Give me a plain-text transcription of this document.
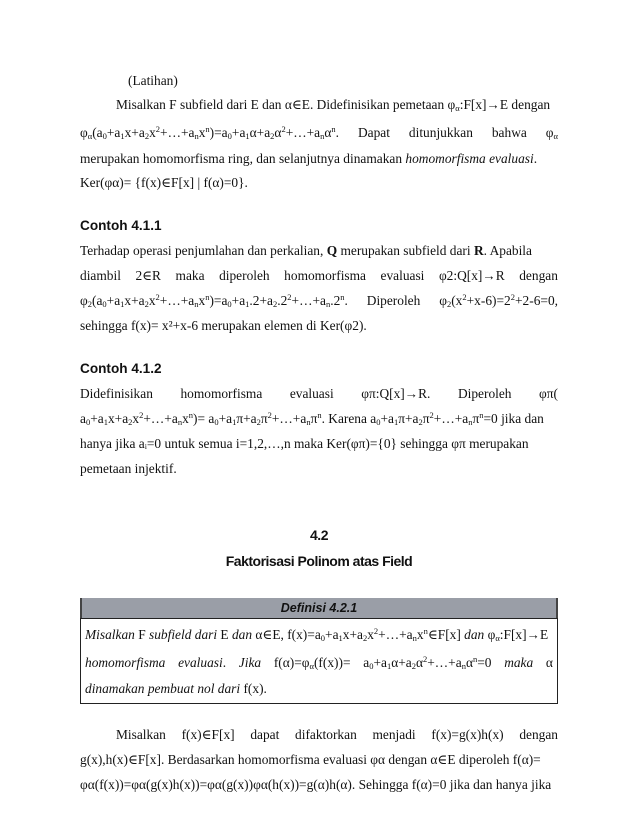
(Latihan)
Misalkan F subfield dari E dan α∈E. Didefinisikan pemetaan $\varphi_\alpha:F[x]\to E$ dengan
$\varphi_\alpha(a_0+a_1x+a_2x^2+\dots+a_nx^n)=a_0+a_1\alpha+a_2\alpha^2+\dots+a_n\alpha^n$. Dapat ditunjukkan bahwa $\varphi_\alpha$
merupakan homomorfisma ring, dan selanjutnya dinamakan homomorfisma evaluasi.
Ker(φα)= {f(x)∈F[x] | f(α)=0}.
Contoh 4.1.1
Terhadap operasi penjumlahan dan perkalian, Q merupakan subfield dari R. Apabila
diambil 2∈R maka diperoleh homomorfisma evaluasi φ2:Q[x]→R dengan
$\varphi_2(a_0+a_1x+a_2x^2+\dots+a_nx^n)=a_0+a_1.2+a_2.2^2+\dots+a_n.2^n$. Diperoleh $\varphi_2(x^2+x-6)=2^2+2-6=0$,
sehingga f(x)= x²+x-6 merupakan elemen di Ker(φ2).
Contoh 4.1.2
Didefinisikan homomorfisma evaluasi φπ:Q[x]→R. Diperoleh φπ(
$a_0+a_1x+a_2x^2+\dots+a_nx^n)=$ $a_0+a_1\pi+a_2\pi^2+\dots+a_n\pi^n$. Karena $a_0+a_1\pi+a_2\pi^2+\dots+a_n\pi^n=0$ jika dan
hanya jika aᵢ=0 untuk semua i=1,2,…,n maka Ker(φπ)={0} sehingga φπ merupakan
pemetaan injektif.
4.2
Faktorisasi Polinom atas Field
Definisi 4.2.1
Misalkan F subfield dari E dan α∈E, $f(x)=a_0+a_1x+a_2x^2+\dots+a_nx^n\in F[x]$ dan $\varphi_\alpha:F[x]\to E$
homomorfisma evaluasi. Jika $f(\alpha)=\varphi_\alpha(f(x))=$ $a_0+a_1\alpha+a_2\alpha^2+\dots+a_n\alpha^n=0$ maka α
dinamakan pembuat nol dari f(x).
Misalkan f(x)∈F[x] dapat difaktorkan menjadi f(x)=g(x)h(x) dengan
g(x),h(x)∈F[x]. Berdasarkan homomorfisma evaluasi φα dengan α∈E diperoleh f(α)=
φα(f(x))=φα(g(x)h(x))=φα(g(x))φα(h(x))=g(α)h(α). Sehingga f(α)=0 jika dan hanya jika
